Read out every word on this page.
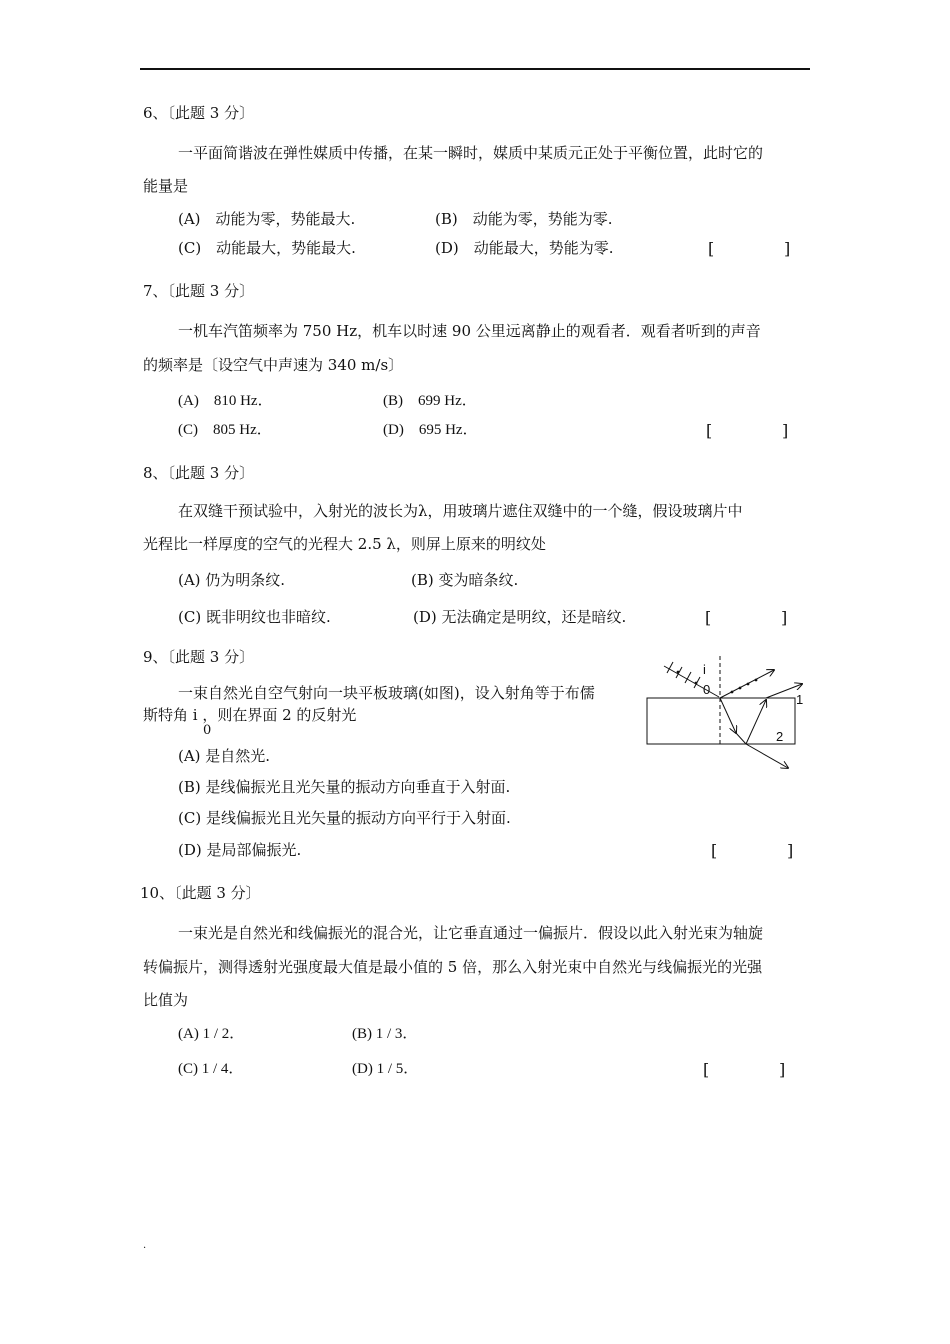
.
6、〔此题 3 分〕
一平面简谐波在弹性媒质中传播，在某一瞬时，媒质中某质元正处于平衡位置，此时它的
能量是
(A)　动能为零，势能最大.	(B)　动能为零，势能为零.
(C)　动能最大，势能最大.	(D)　动能最大，势能为零.	[	]
7、〔此题 3 分〕
一机车汽笛频率为 750 Hz，机车以时速 90 公里远离静止的观看者．观看者听到的声音
的频率是〔设空气中声速为 340 m/s〕
(A)　810 Hz．	(B)　699 Hz．
(C)　805 Hz．	(D)　695 Hz．	[	]
8、〔此题 3 分〕
在双缝干预试验中，入射光的波长为λ，用玻璃片遮住双缝中的一个缝，假设玻璃片中
光程比一样厚度的空气的光程大 2.5 λ，则屏上原来的明纹处
(A) 仍为明条纹.	(B) 变为暗条纹.
(C) 既非明纹也非暗纹.	(D) 无法确定是明纹，还是暗纹.	[	]
9、〔此题 3 分〕
一束自然光自空气射向一块平板玻璃(如图)，设入射角等于布儒
斯特角 i ，则在界面 2 的反射光
0
(A) 是自然光.
(B) 是线偏振光且光矢量的振动方向垂直于入射面.
(C) 是线偏振光且光矢量的振动方向平行于入射面.
(D) 是局部偏振光.	[	]
i
0
1
2
10、〔此题 3 分〕
一束光是自然光和线偏振光的混合光，让它垂直通过一偏振片．假设以此入射光束为轴旋
转偏振片，测得透射光强度最大值是最小值的 5 倍，那么入射光束中自然光与线偏振光的光强
比值为
(A) 1 / 2．	(B) 1 / 3．
(C) 1 / 4．	(D) 1 / 5．	[	]
.
